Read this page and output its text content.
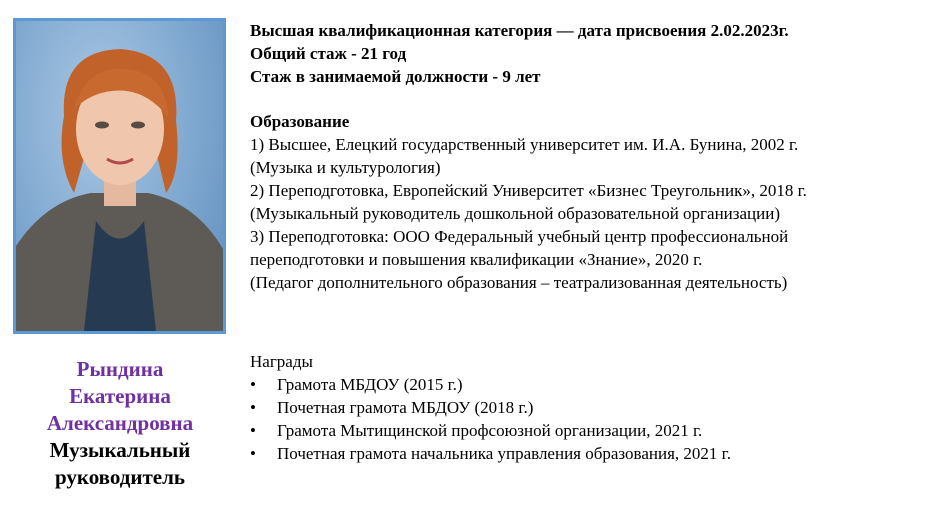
Рындина
Екатерина
Александровна
Музыкальный
руководитель
Высшая квалификационная категория — дата присвоения 2.02.2023г.
Общий стаж - 21 год
Стаж в занимаемой должности - 9 лет
Образование
1) Высшее, Елецкий государственный университет им. И.А. Бунина, 2002 г.
(Музыка и культурология)
2) Переподготовка, Европейский Университет «Бизнес Треугольник», 2018 г.
(Музыкальный руководитель дошкольной образовательной организации)
3) Переподготовка: ООО Федеральный учебный центр профессиональной
переподготовки и повышения квалификации «Знание», 2020 г.
(Педагог дополнительного образования – театрализованная деятельность)
Награды
• Грамота МБДОУ (2015 г.)
• Почетная грамота МБДОУ (2018 г.)
• Грамота Мытищинской профсоюзной организации, 2021 г.
• Почетная грамота начальника управления образования, 2021 г.
